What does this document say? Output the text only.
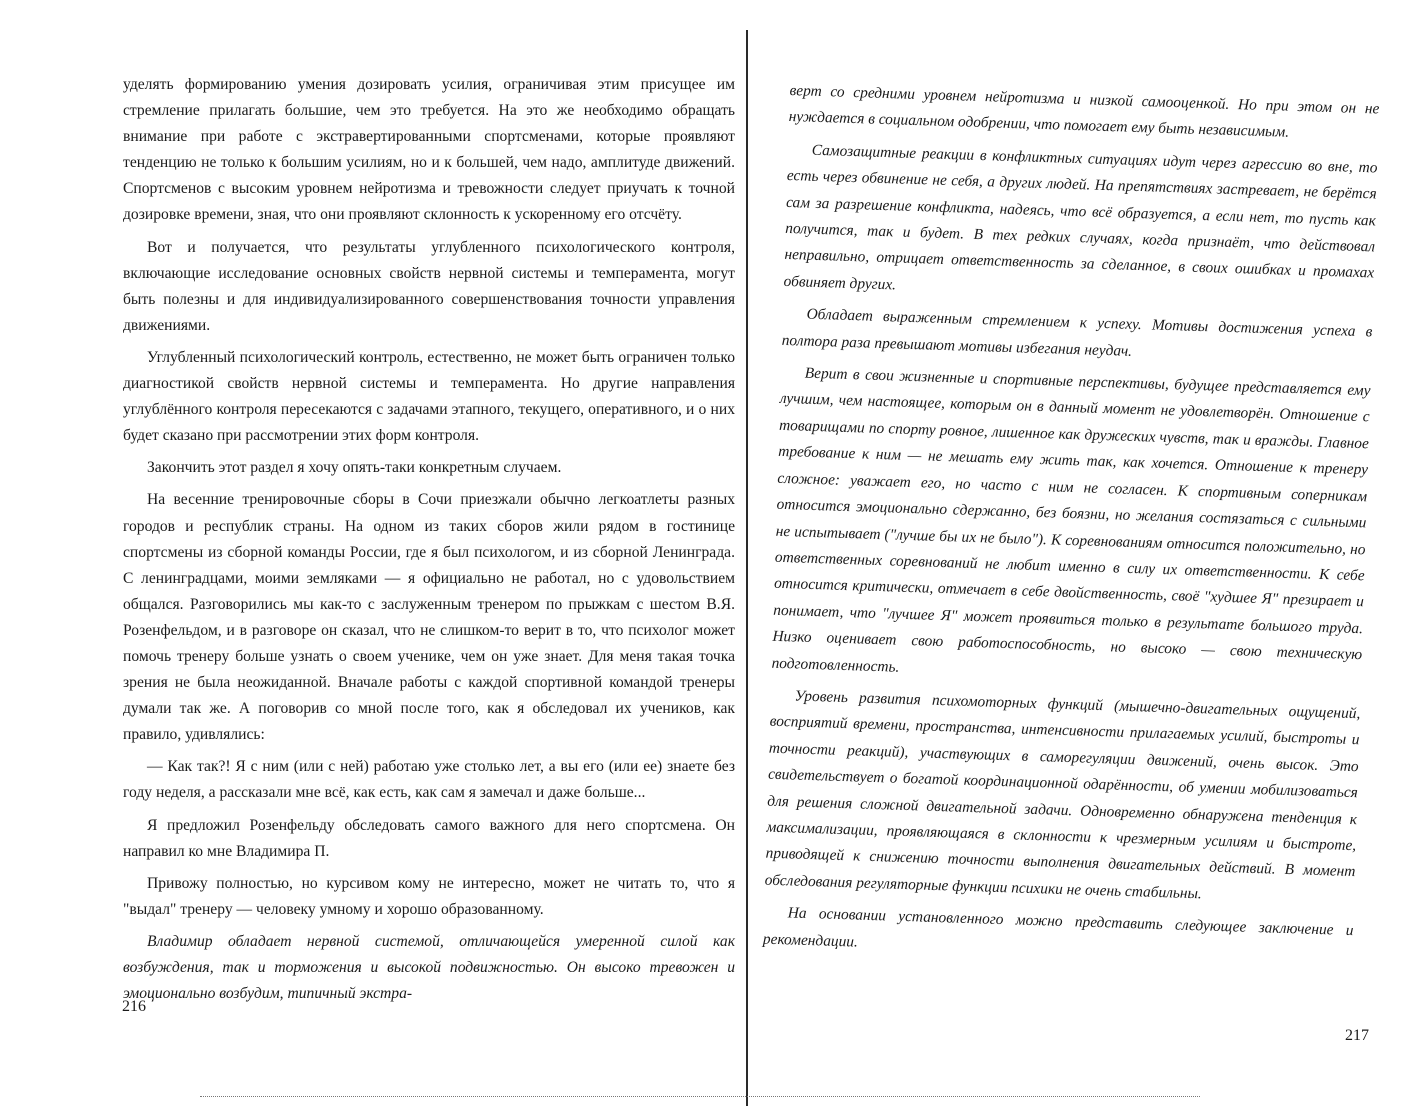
уделять формированию умения дозировать усилия, ограничивая этим присущее им стремление прилагать большие, чем это требуется. На это же необходимо обращать внимание при работе с экстравертированными спортсменами, которые проявляют тенденцию не только к большим усилиям, но и к большей, чем надо, амплитуде движений. Спортсменов с высоким уровнем нейротизма и тревожности следует приучать к точной дозировке времени, зная, что они проявляют склонность к ускоренному его отсчёту.

Вот и получается, что результаты углубленного психологического контроля, включающие исследование основных свойств нервной системы и темперамента, могут быть полезны и для индивидуализированного совершенствования точности управления движениями.

Углубленный психологический контроль, естественно, не может быть ограничен только диагностикой свойств нервной системы и темперамента. Но другие направления углублённого контроля пересекаются с задачами этапного, текущего, оперативного, и о них будет сказано при рассмотрении этих форм контроля.

Закончить этот раздел я хочу опять-таки конкретным случаем.

На весенние тренировочные сборы в Сочи приезжали обычно легкоатлеты разных городов и республик страны. На одном из таких сборов жили рядом в гостинице спортсмены из сборной команды России, где я был психологом, и из сборной Ленинграда. С ленинградцами, моими земляками — я официально не работал, но с удовольствием общался. Разговорились мы как-то с заслуженным тренером по прыжкам с шестом В.Я. Розенфельдом, и в разговоре он сказал, что не слишком-то верит в то, что психолог может помочь тренеру больше узнать о своем ученике, чем он уже знает. Для меня такая точка зрения не была неожиданной. Вначале работы с каждой спортивной командой тренеры думали так же. А поговорив со мной после того, как я обследовал их учеников, как правило, удивлялись:

— Как так?! Я с ним (или с ней) работаю уже столько лет, а вы его (или ее) знаете без году неделя, а рассказали мне всё, как есть, как сам я замечал и даже больше...

Я предложил Розенфельду обследовать самого важного для него спортсмена. Он направил ко мне Владимира П.

Привожу полностью, но курсивом кому не интересно, может не читать то, что я "выдал" тренеру — человеку умному и хорошо образованному.

Владимир обладает нервной системой, отличающейся умеренной силой как возбуждения, так и торможения и высокой подвижностью. Он высоко тревожен и эмоционально возбудим, типичный экстра-

216

верт со средними уровнем нейротизма и низкой самооценкой. Но при этом он не нуждается в социальном одобрении, что помогает ему быть независимым.

Самозащитные реакции в конфликтных ситуациях идут через агрессию во вне, то есть через обвинение не себя, а других людей. На препятствиях застревает, не берётся сам за разрешение конфликта, надеясь, что всё образуется, а если нет, то пусть как получится, так и будет. В тех редких случаях, когда признаёт, что действовал неправильно, отрицает ответственность за сделанное, в своих ошибках и промахах обвиняет других.

Обладает выраженным стремлением к успеху. Мотивы достижения успеха в полтора раза превышают мотивы избегания неудач.

Верит в свои жизненные и спортивные перспективы, будущее представляется ему лучшим, чем настоящее, которым он в данный момент не удовлетворён. Отношение с товарищами по спорту ровное, лишенное как дружеских чувств, так и вражды. Главное требование к ним — не мешать ему жить так, как хочется. Отношение к тренеру сложное: уважает его, но часто с ним не согласен. К спортивным соперникам относится эмоционально сдержанно, без боязни, но желания состязаться с сильными не испытывает ("лучше бы их не было"). К соревнованиям относится положительно, но ответственных соревнований не любит именно в силу их ответственности. К себе относится критически, отмечает в себе двойственность, своё "худшее Я" презирает и понимает, что "лучшее Я" может проявиться только в результате большого труда. Низко оценивает свою работоспособность, но высоко — свою техническую подготовленность.

Уровень развития психомоторных функций (мышечно-двигательных ощущений, восприятий времени, пространства, интенсивности прилагаемых усилий, быстроты и точности реакций), участвующих в саморегуляции движений, очень высок. Это свидетельствует о богатой координационной одарённости, об умении мобилизоваться для решения сложной двигательной задачи. Одновременно обнаружена тенденция к максимализации, проявляющаяся в склонности к чрезмерным усилиям и быстроте, приводящей к снижению точности выполнения двигательных действий. В момент обследования регуляторные функции психики не очень стабильны.

На основании установленного можно представить следующее заключение и рекомендации.

217
